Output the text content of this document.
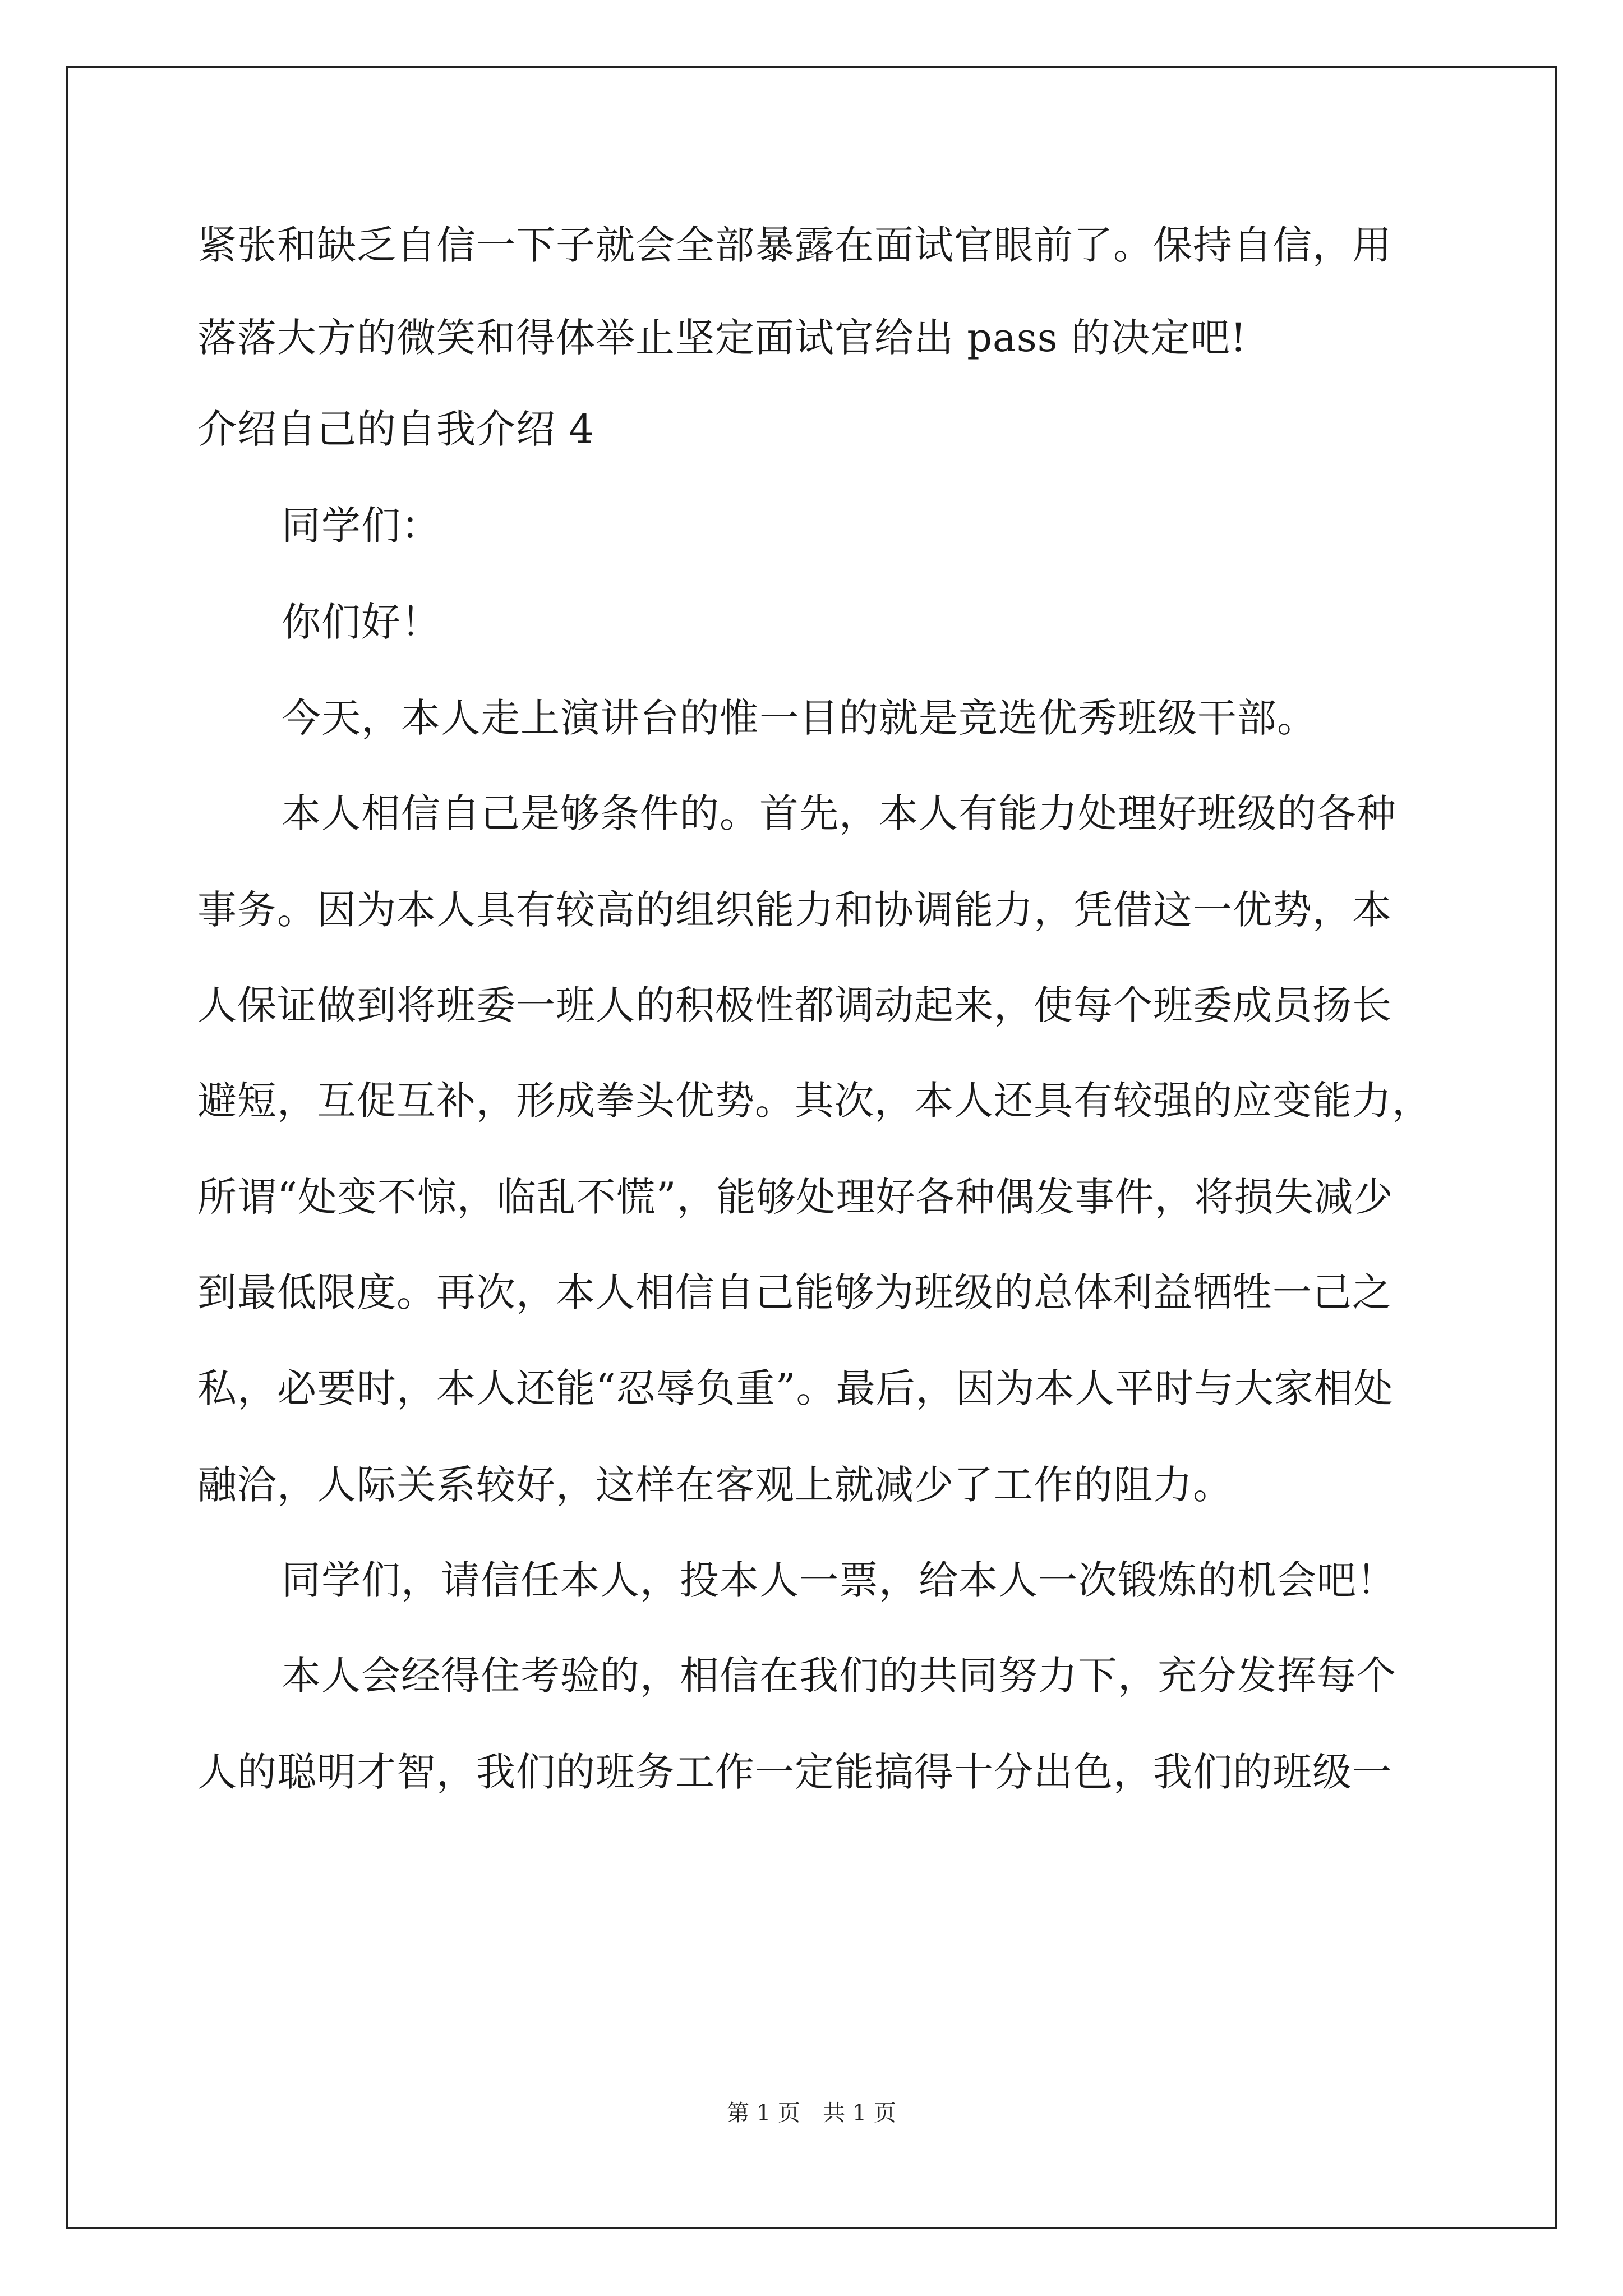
紧张和缺乏自信一下子就会全部暴露在面试官眼前了。保持自信，用
落落大方的微笑和得体举止坚定面试官给出 pass 的决定吧!
介绍自己的自我介绍 4
同学们：
你们好！
今天，本人走上演讲台的惟一目的就是竞选优秀班级干部。
本人相信自己是够条件的。首先，本人有能力处理好班级的各种
事务。因为本人具有较高的组织能力和协调能力，凭借这一优势，本
人保证做到将班委一班人的积极性都调动起来，使每个班委成员扬长
避短，互促互补，形成拳头优势。其次，本人还具有较强的应变能力，
所谓“处变不惊，临乱不慌”，能够处理好各种偶发事件，将损失减少
到最低限度。再次，本人相信自己能够为班级的总体利益牺牲一己之
私，必要时，本人还能“忍辱负重”。最后，因为本人平时与大家相处
融洽，人际关系较好，这样在客观上就减少了工作的阻力。
同学们，请信任本人，投本人一票，给本人一次锻炼的机会吧！
本人会经得住考验的，相信在我们的共同努力下，充分发挥每个
人的聪明才智，我们的班务工作一定能搞得十分出色，我们的班级一
第 1 页　共 1 页
